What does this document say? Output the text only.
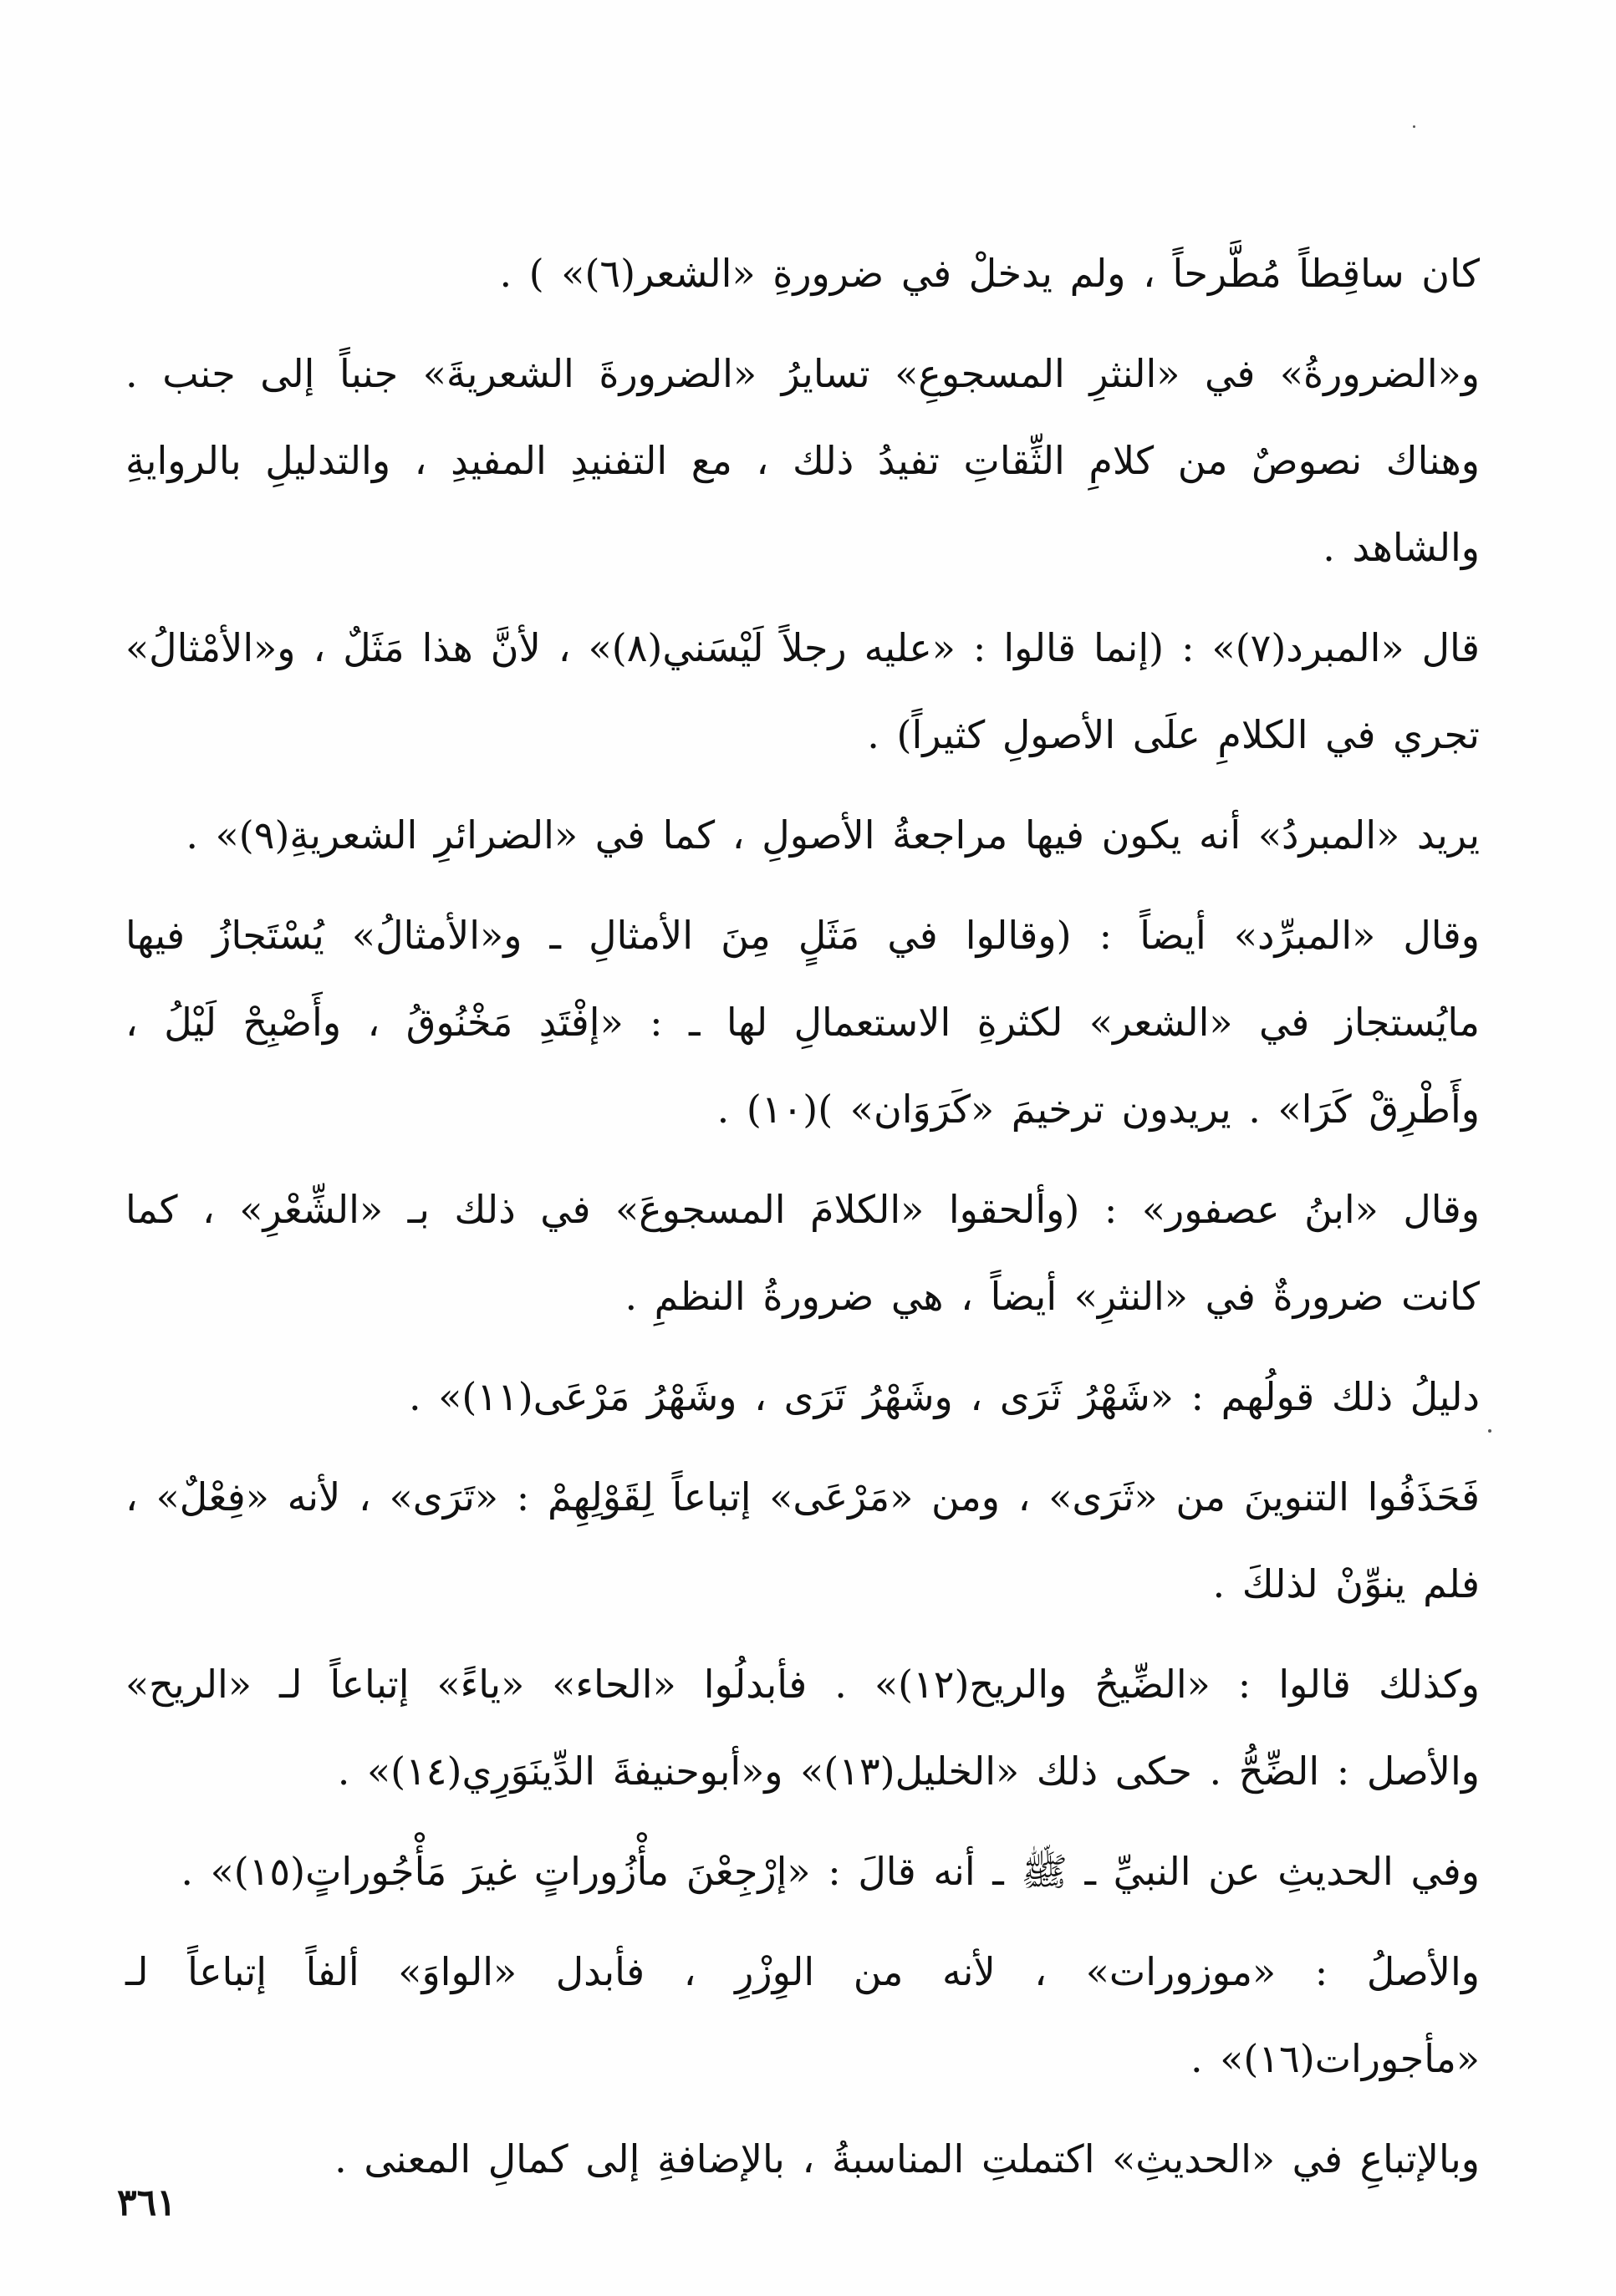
كان ساقِطاً مُطَّرحاً ، ولم يدخلْ في ضرورةِ «الشعر(٦)» ) .

و«الضرورةُ» في «النثرِ المسجوعِ» تسايرُ «الضرورةَ الشعريةَ» جنباً إلى جنب . وهناك نصوصٌ من كلامِ الثِّقاتِ تفيدُ ذلك ، مع التفنيدِ المفيدِ ، والتدليلِ بالروايةِ والشاهد .

قال «المبرد(٧)» : (إنما قالوا : «عليه رجلاً لَيْسَني(٨)» ، لأنَّ هذا مَثَلٌ ، و«الأمْثالُ» تجري في الكلامِ علَى الأصولِ كثيراً) .

يريد «المبردُ» أنه يكون فيها مراجعةُ الأصولِ ، كما في «الضرائرِ الشعريةِ(٩)» .

وقال «المبرِّد» أيضاً : (وقالوا في مَثَلٍ مِنَ الأمثالِ ـ و«الأمثالُ» يُسْتَجازُ فيها مايُستجاز في «الشعر» لكثرةِ الاستعمالِ لها ـ : «إفْتَدِ مَخْنُوقُ ، وأَصْبِحْ لَيْلُ ، وأَطْرِقْ كَرَا» . يريدون ترخيمَ «كَرَوَان» )(١٠) .

وقال «ابنُ عصفور» : (وألحقوا «الكلامَ المسجوعَ» في ذلك بـ «الشِّعْرِ» ، كما كانت ضرورةٌ في «النثرِ» أيضاً ، هي ضرورةُ النظمِ .

دليلُ ذلك قولُهم : «شَهْرُ ثَرَى ، وشَهْرُ تَرَى ، وشَهْرُ مَرْعَى(١١)» .

فَحَذَفُوا التنوينَ من «ثَرَى» ، ومن «مَرْعَى» إتباعاً لِقَوْلِهِمْ : «تَرَى» ، لأنه «فِعْلٌ» ، فلم ينوِّنْ لذلكَ .

وكذلك قالوا : «الضِّيحُ والريح(١٢)» . فأبدلُوا «الحاء» «ياءً» إتباعاً لـ «الريح» والأصل : الضِّحُّ . حكى ذلك «الخليل(١٣)» و«أبوحنيفةَ الدِّينَوَرِي(١٤)» .

وفي الحديثِ عن النبيِّ ـ ﷺ ـ أنه قالَ : «إرْجِعْنَ مأْزُوراتٍ غيرَ مَأْجُوراتٍ(١٥)» .

والأصلُ : «موزورات» ، لأنه من الوِزْرِ ، فأبدل «الواوَ» ألفاً إتباعاً لـ «مأجورات(١٦)» .

وبالإتباعِ في «الحديثِ» اكتملتِ المناسبةُ ، بالإضافةِ إلى كمالِ المعنى .

٣٦١
